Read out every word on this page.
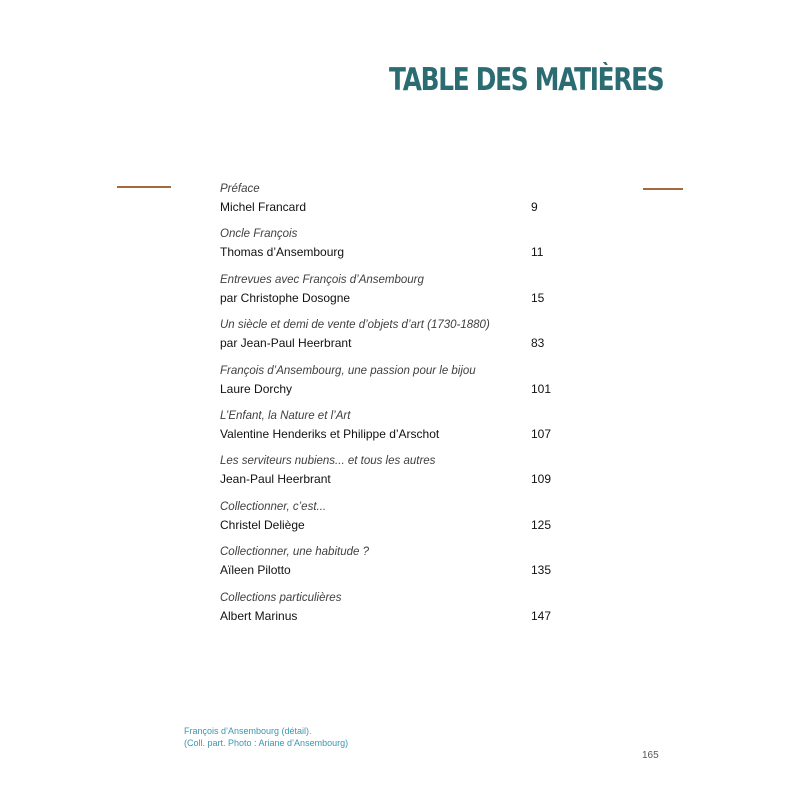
TABLE DES MATIÈRES
Préface
Michel Francard	9
Oncle François
Thomas d’Ansembourg	11
Entrevues avec François d’Ansembourg
par Christophe Dosogne	15
Un siècle et demi de vente d’objets d’art (1730-1880)
par Jean-Paul Heerbrant	83
François d’Ansembourg, une passion pour le bijou
Laure Dorchy	101
L’Enfant, la Nature et l’Art
Valentine Henderiks et Philippe d’Arschot	107
Les serviteurs nubiens... et tous les autres
Jean-Paul Heerbrant	109
Collectionner, c’est...
Christel Deliège	125
Collectionner, une habitude ?
Aïleen Pilotto	135
Collections particulières
Albert Marinus	147
François d’Ansembourg (détail).
(Coll. part. Photo : Ariane d’Ansembourg)
165
